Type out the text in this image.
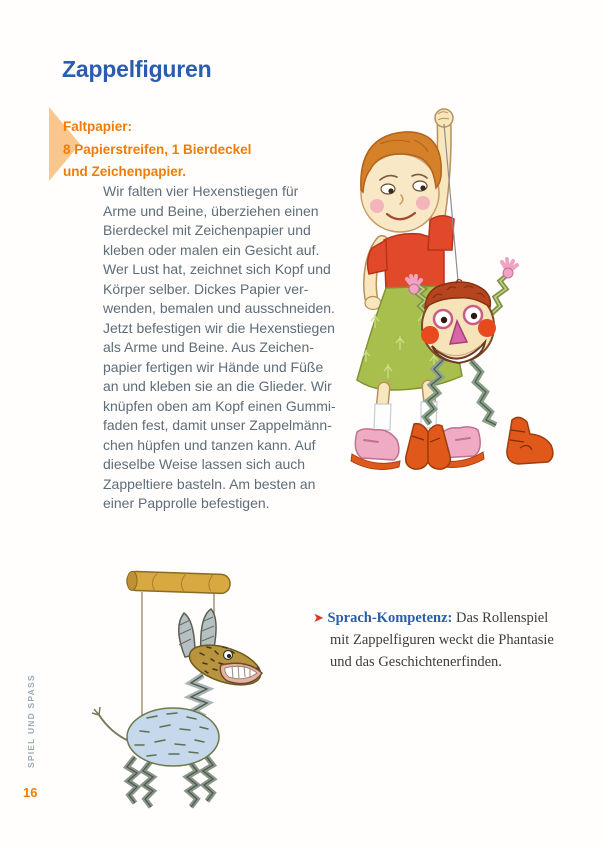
Zappelfiguren
Faltpapier:
8 Papierstreifen, 1 Bierdeckel
und Zeichenpapier.
Wir falten vier Hexenstiegen für
Arme und Beine, überziehen einen
Bierdeckel mit Zeichenpapier und
kleben oder malen ein Gesicht auf.
Wer Lust hat, zeichnet sich Kopf und
Körper selber. Dickes Papier ver-
wenden, bemalen und ausschneiden.
Jetzt befestigen wir die Hexenstiegen
als Arme und Beine. Aus Zeichen-
papier fertigen wir Hände und Füße
an und kleben sie an die Glieder. Wir
knüpfen oben am Kopf einen Gummi-
faden fest, damit unser Zappelmänn-
chen hüpfen und tanzen kann. Auf
dieselbe Weise lassen sich auch
Zappeltiere basteln. Am besten an
einer Papprolle befestigen.
➤ Sprach-Kompetenz: Das Rollenspiel
mit Zappelfiguren weckt die Phantasie
und das Geschichtenerfinden.
SPIEL UND SPASS
16
